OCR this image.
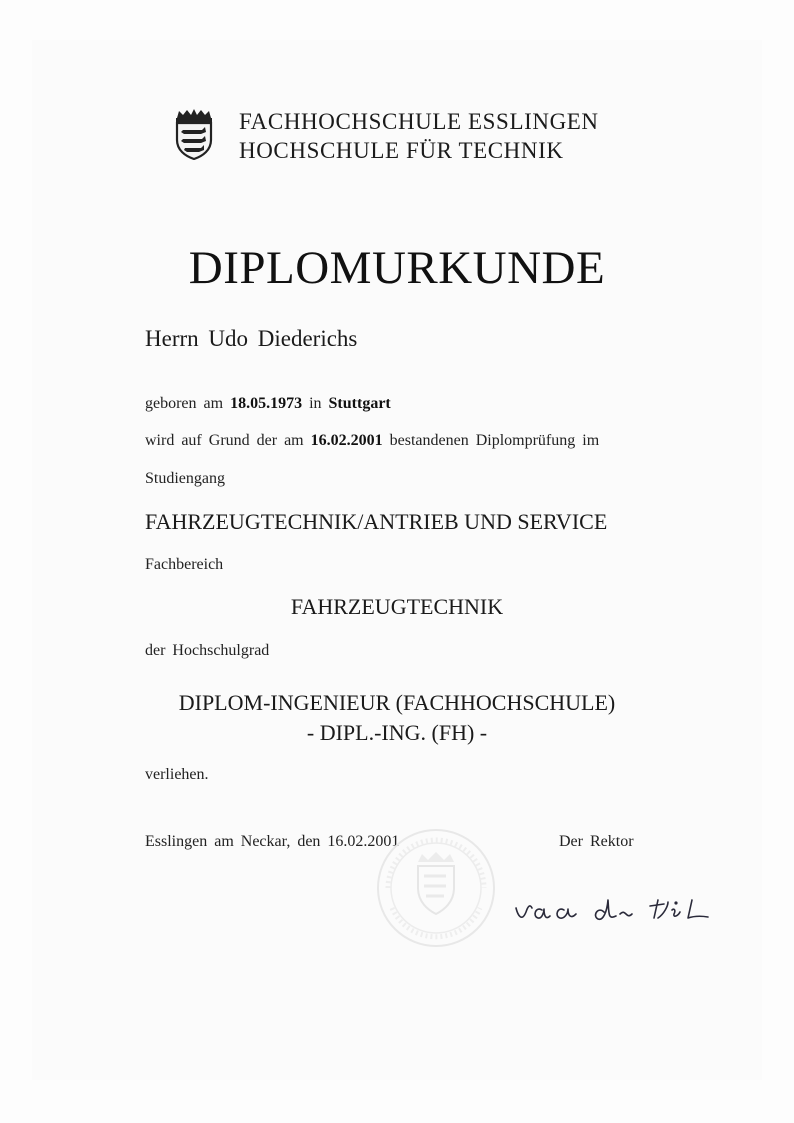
FACHHOCHSCHULE ESSLINGEN
HOCHSCHULE FÜR TECHNIK
DIPLOMURKUNDE
Herrn Udo Diederichs
geboren am 18.05.1973 in Stuttgart
wird auf Grund der am 16.02.2001 bestandenen Diplomprüfung im
Studiengang
FAHRZEUGTECHNIK/ANTRIEB UND SERVICE
Fachbereich
FAHRZEUGTECHNIK
der Hochschulgrad
DIPLOM-INGENIEUR (FACHHOCHSCHULE)
- DIPL.-ING. (FH) -
verliehen.
Esslingen am Neckar, den 16.02.2001	Der Rektor
